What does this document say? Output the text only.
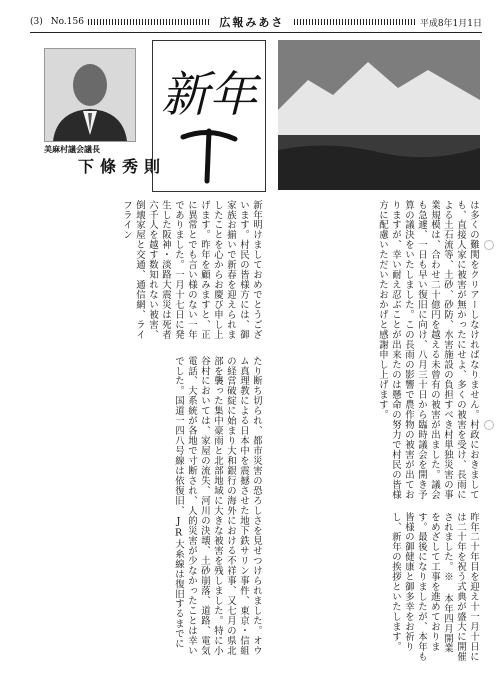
(3) No.156	広報みあさ	平成8年1月1日
美麻村議会議長
下條秀則
新年
新年明けましておめでとうございます。村民の皆様方には、御家族お揃いで新春を迎えられましたことを心からお慶び申し上げます。昨年を顧みますと、正に異常とでも言い様のない一年でありました。一月十七日に発生した阪神・淡路大震災は死者六千人を越す数知れない被害、倒壊家屋と交通、通信網、ライフライン	は多くの難関をクリアーしなければなりません。村政におきましても、直接人家に被害が無かったにせよ、多くの被害を受け、長雨による土石流等、土砂、砂防、水害施設の負担すべき村単独災害の事業規模は、合わせ二十億円を越える未曾有の被害が出ました。議会も急遽、一日も早い復旧に向け、八月三十日から臨時議会を開き予算の議決をいたしました。この長雨の影響で農作物の被害が出ておりますが、幸い耐え忍ぶことが出来たのは懸命の努力で村民の皆様方に配慮いただいたおかげと感謝申し上げます。
たり断ち切られ、都市災害の恐ろしさを見せつけられました。オウム真理教による日本中を震撼させた地下鉄サリン事件、東京・信組の経営破綻に始まり大和銀行の海外における不祥事、又七月の県北部を襲った集中豪雨と北部地域に大きな被害を残しました。特に小谷村においては、家屋の流失、河川の決壊、土砂崩落、道路、電気電話、大系統が各地で寸断され、人的災害が少なかったことは幸いでした。国道一四八号線は依復旧、JR大糸線は復旧するまでに	昨年二十年目を迎え十一月十日には二十年を祝う式典が盛大に開催されました。※ 本年四月開業をめざして工事を進めております。最後になりましたが、本年も皆様の御健康と御多幸をお祈りし、新年の挨拶といたします。
